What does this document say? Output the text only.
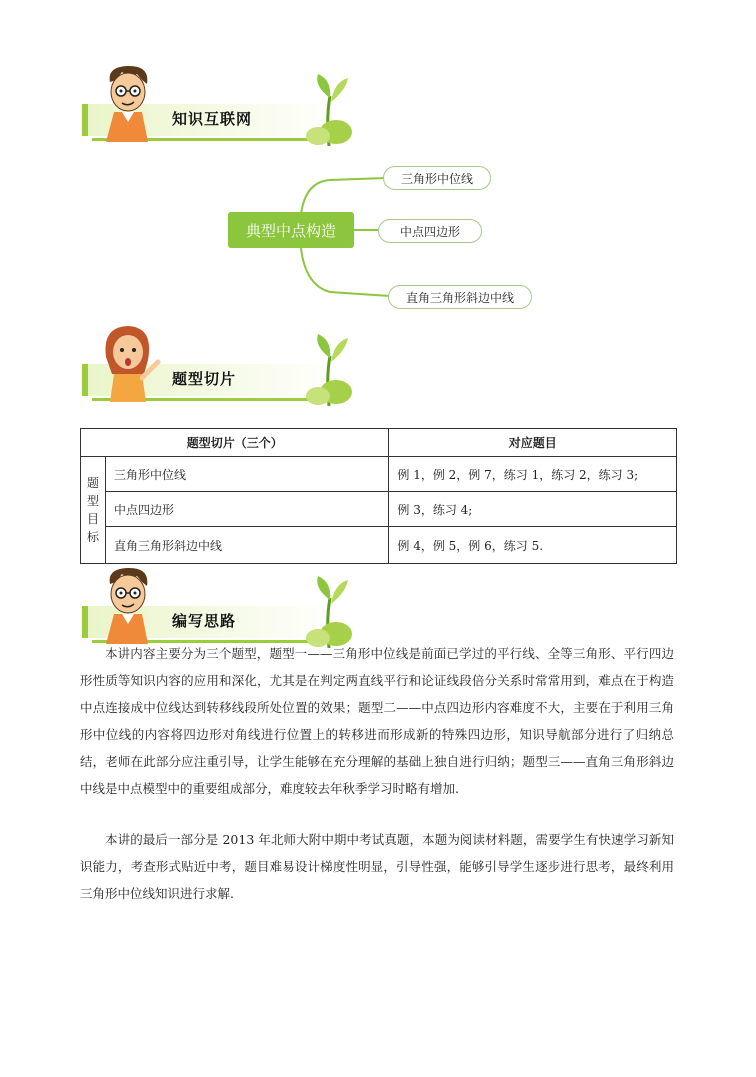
知识互联网
典型中点构造
三角形中位线
中点四边形
直角三角形斜边中线
题型切片
题型切片（三个）		对应题目
题型目标	三角形中位线	例 1，例 2，例 7，练习 1，练习 2，练习 3;
	中点四边形	例 3，练习 4;
	直角三角形斜边中线	例 4，例 5，例 6，练习 5.
编写思路

本讲内容主要分为三个题型，题型一——三角形中位线是前面已学过的平行线、全等三角形、平行四边形性质等知识内容的应用和深化，尤其是在判定两直线平行和论证线段倍分关系时常常用到，难点在于构造中点连接成中位线达到转移线段所处位置的效果；题型二——中点四边形内容难度不大，主要在于利用三角形中位线的内容将四边形对角线进行位置上的转移进而形成新的特殊四边形，知识导航部分进行了归纳总结，老师在此部分应注重引导，让学生能够在充分理解的基础上独自进行归纳；题型三——直角三角形斜边中线是中点模型中的重要组成部分，难度较去年秋季学习时略有增加.

本讲的最后一部分是 2013 年北师大附中期中考试真题，本题为阅读材料题，需要学生有快速学习新知识能力，考查形式贴近中考，题目难易设计梯度性明显，引导性强，能够引导学生逐步进行思考，最终利用三角形中位线知识进行求解.
